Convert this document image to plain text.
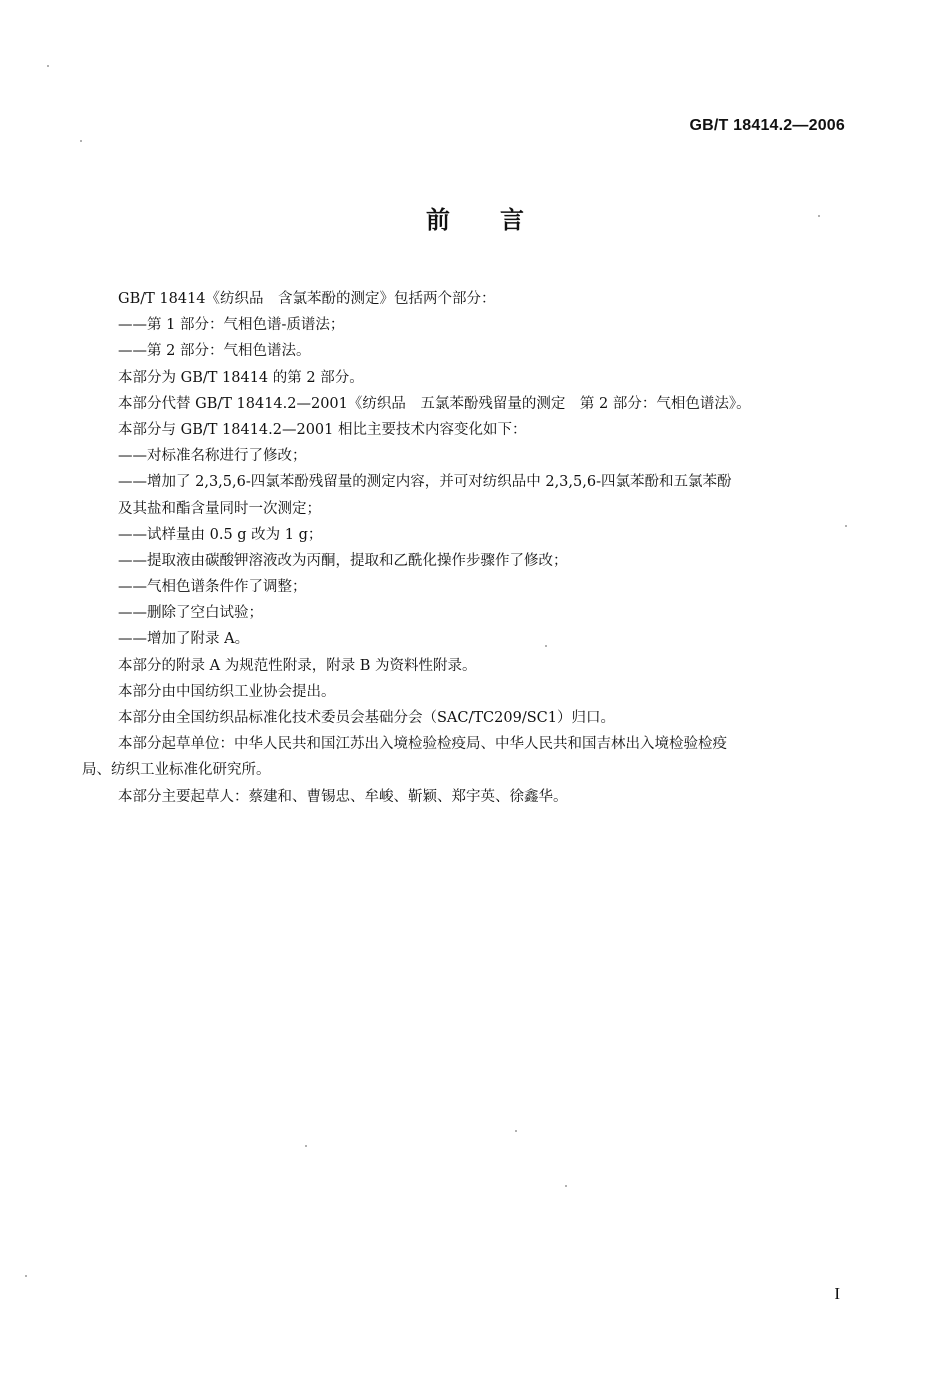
GB/T 18414.2—2006
前 言
GB/T 18414《纺织品　含氯苯酚的测定》包括两个部分：
——第 1 部分：气相色谱-质谱法；
——第 2 部分：气相色谱法。
本部分为 GB/T 18414 的第 2 部分。
本部分代替 GB/T 18414.2—2001《纺织品　五氯苯酚残留量的测定　第 2 部分：气相色谱法》。
本部分与 GB/T 18414.2—2001 相比主要技术内容变化如下：
——对标准名称进行了修改；
——增加了 2,3,5,6-四氯苯酚残留量的测定内容，并可对纺织品中 2,3,5,6-四氯苯酚和五氯苯酚
及其盐和酯含量同时一次测定；
——试样量由 0.5 g 改为 1 g；
——提取液由碳酸钾溶液改为丙酮，提取和乙酰化操作步骤作了修改；
——气相色谱条件作了调整；
——删除了空白试验；
——增加了附录 A。
本部分的附录 A 为规范性附录，附录 B 为资料性附录。
本部分由中国纺织工业协会提出。
本部分由全国纺织品标准化技术委员会基础分会（SAC/TC209/SC1）归口。
本部分起草单位：中华人民共和国江苏出入境检验检疫局、中华人民共和国吉林出入境检验检疫
局、纺织工业标准化研究所。
本部分主要起草人：蔡建和、曹锡忠、牟峻、靳颖、郑宇英、徐鑫华。
I
